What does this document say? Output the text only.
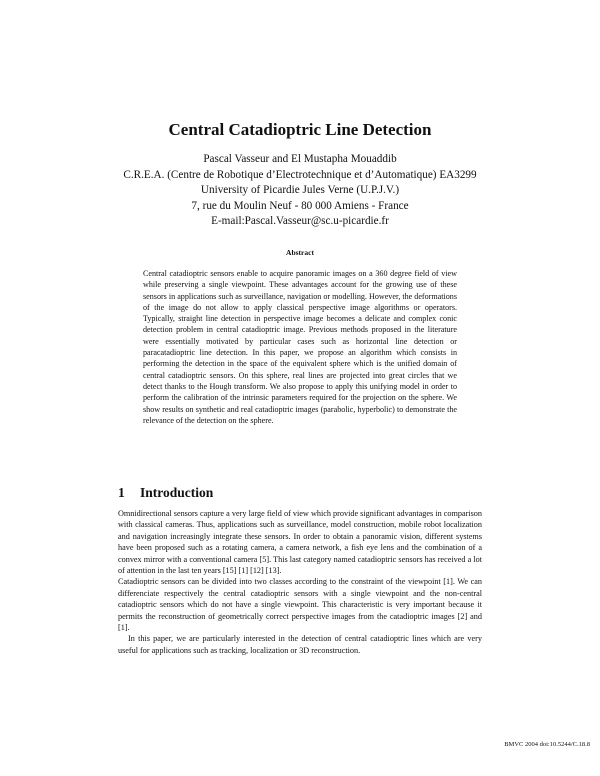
Central Catadioptric Line Detection
Pascal Vasseur and El Mustapha Mouaddib
C.R.E.A. (Centre de Robotique d’Electrotechnique et d’Automatique) EA3299
University of Picardie Jules Verne (U.P.J.V.)
7, rue du Moulin Neuf - 80 000 Amiens - France
E-mail:Pascal.Vasseur@sc.u-picardie.fr
Abstract
Central catadioptric sensors enable to acquire panoramic images on a 360 degree field of view while preserving a single viewpoint. These advantages account for the growing use of these sensors in applications such as surveillance, navigation or modelling. However, the deformations of the image do not allow to apply classical perspective image algorithms or operators. Typically, straight line detection in perspective image becomes a delicate and complex conic detection problem in central catadioptric image. Previous methods proposed in the literature were essentially motivated by particular cases such as horizontal line detection or paracatadioptric line detection. In this paper, we propose an algorithm which consists in performing the detection in the space of the equivalent sphere which is the unified domain of central catadioptric sensors. On this sphere, real lines are projected into great circles that we detect thanks to the Hough transform. We also propose to apply this unifying model in order to perform the calibration of the intrinsic parameters required for the projection on the sphere. We show results on synthetic and real catadioptric images (parabolic, hyperbolic) to demonstrate the relevance of the detection on the sphere.
1 Introduction

Omnidirectional sensors capture a very large field of view which provide significant advantages in comparison with classical cameras. Thus, applications such as surveillance, model construction, mobile robot localization and navigation increasingly integrate these sensors. In order to obtain a panoramic vision, different systems have been proposed such as a rotating camera, a camera network, a fish eye lens and the combination of a convex mirror with a conventional camera [5]. This last category named catadioptric sensors has received a lot of attention in the last ten years [15] [1] [12] [13].

Catadioptric sensors can be divided into two classes according to the constraint of the viewpoint [1]. We can differenciate respectively the central catadioptric sensors with a single viewpoint and the non-central catadioptric sensors which do not have a single viewpoint. This characteristic is very important because it permits the reconstruction of geometrically correct perspective images from the catadioptric images [2] and [1].

In this paper, we are particularly interested in the detection of central catadioptric lines which are very useful for applications such as tracking, localization or 3D reconstruction.

BMVC 2004 doi:10.5244/C.18.8
